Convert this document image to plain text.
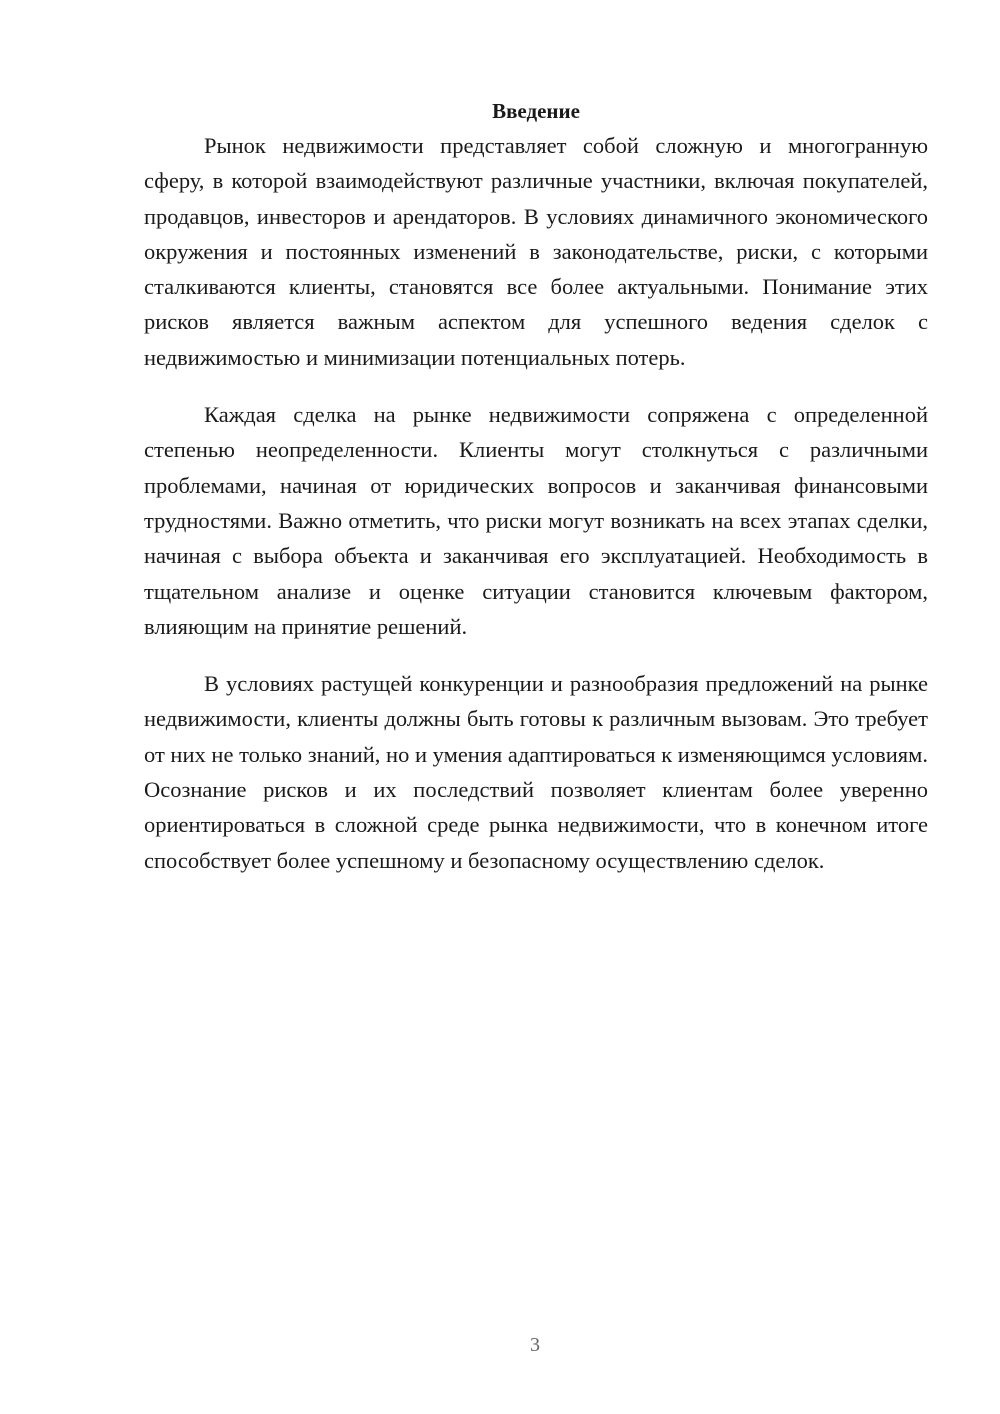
Введение

Рынок недвижимости представляет собой сложную и многогранную сферу, в которой взаимодействуют различные участники, включая покупателей, продавцов, инвесторов и арендаторов. В условиях динамичного экономического окружения и постоянных изменений в законодательстве, риски, с которыми сталкиваются клиенты, становятся все более актуальными. Понимание этих рисков является важным аспектом для успешного ведения сделок с недвижимостью и минимизации потенциальных потерь.

Каждая сделка на рынке недвижимости сопряжена с определенной степенью неопределенности. Клиенты могут столкнуться с различными проблемами, начиная от юридических вопросов и заканчивая финансовыми трудностями. Важно отметить, что риски могут возникать на всех этапах сделки, начиная с выбора объекта и заканчивая его эксплуатацией. Необходимость в тщательном анализе и оценке ситуации становится ключевым фактором, влияющим на принятие решений.

В условиях растущей конкуренции и разнообразия предложений на рынке недвижимости, клиенты должны быть готовы к различным вызовам. Это требует от них не только знаний, но и умения адаптироваться к изменяющимся условиям. Осознание рисков и их последствий позволяет клиентам более уверенно ориентироваться в сложной среде рынка недвижимости, что в конечном итоге способствует более успешному и безопасному осуществлению сделок.

3
